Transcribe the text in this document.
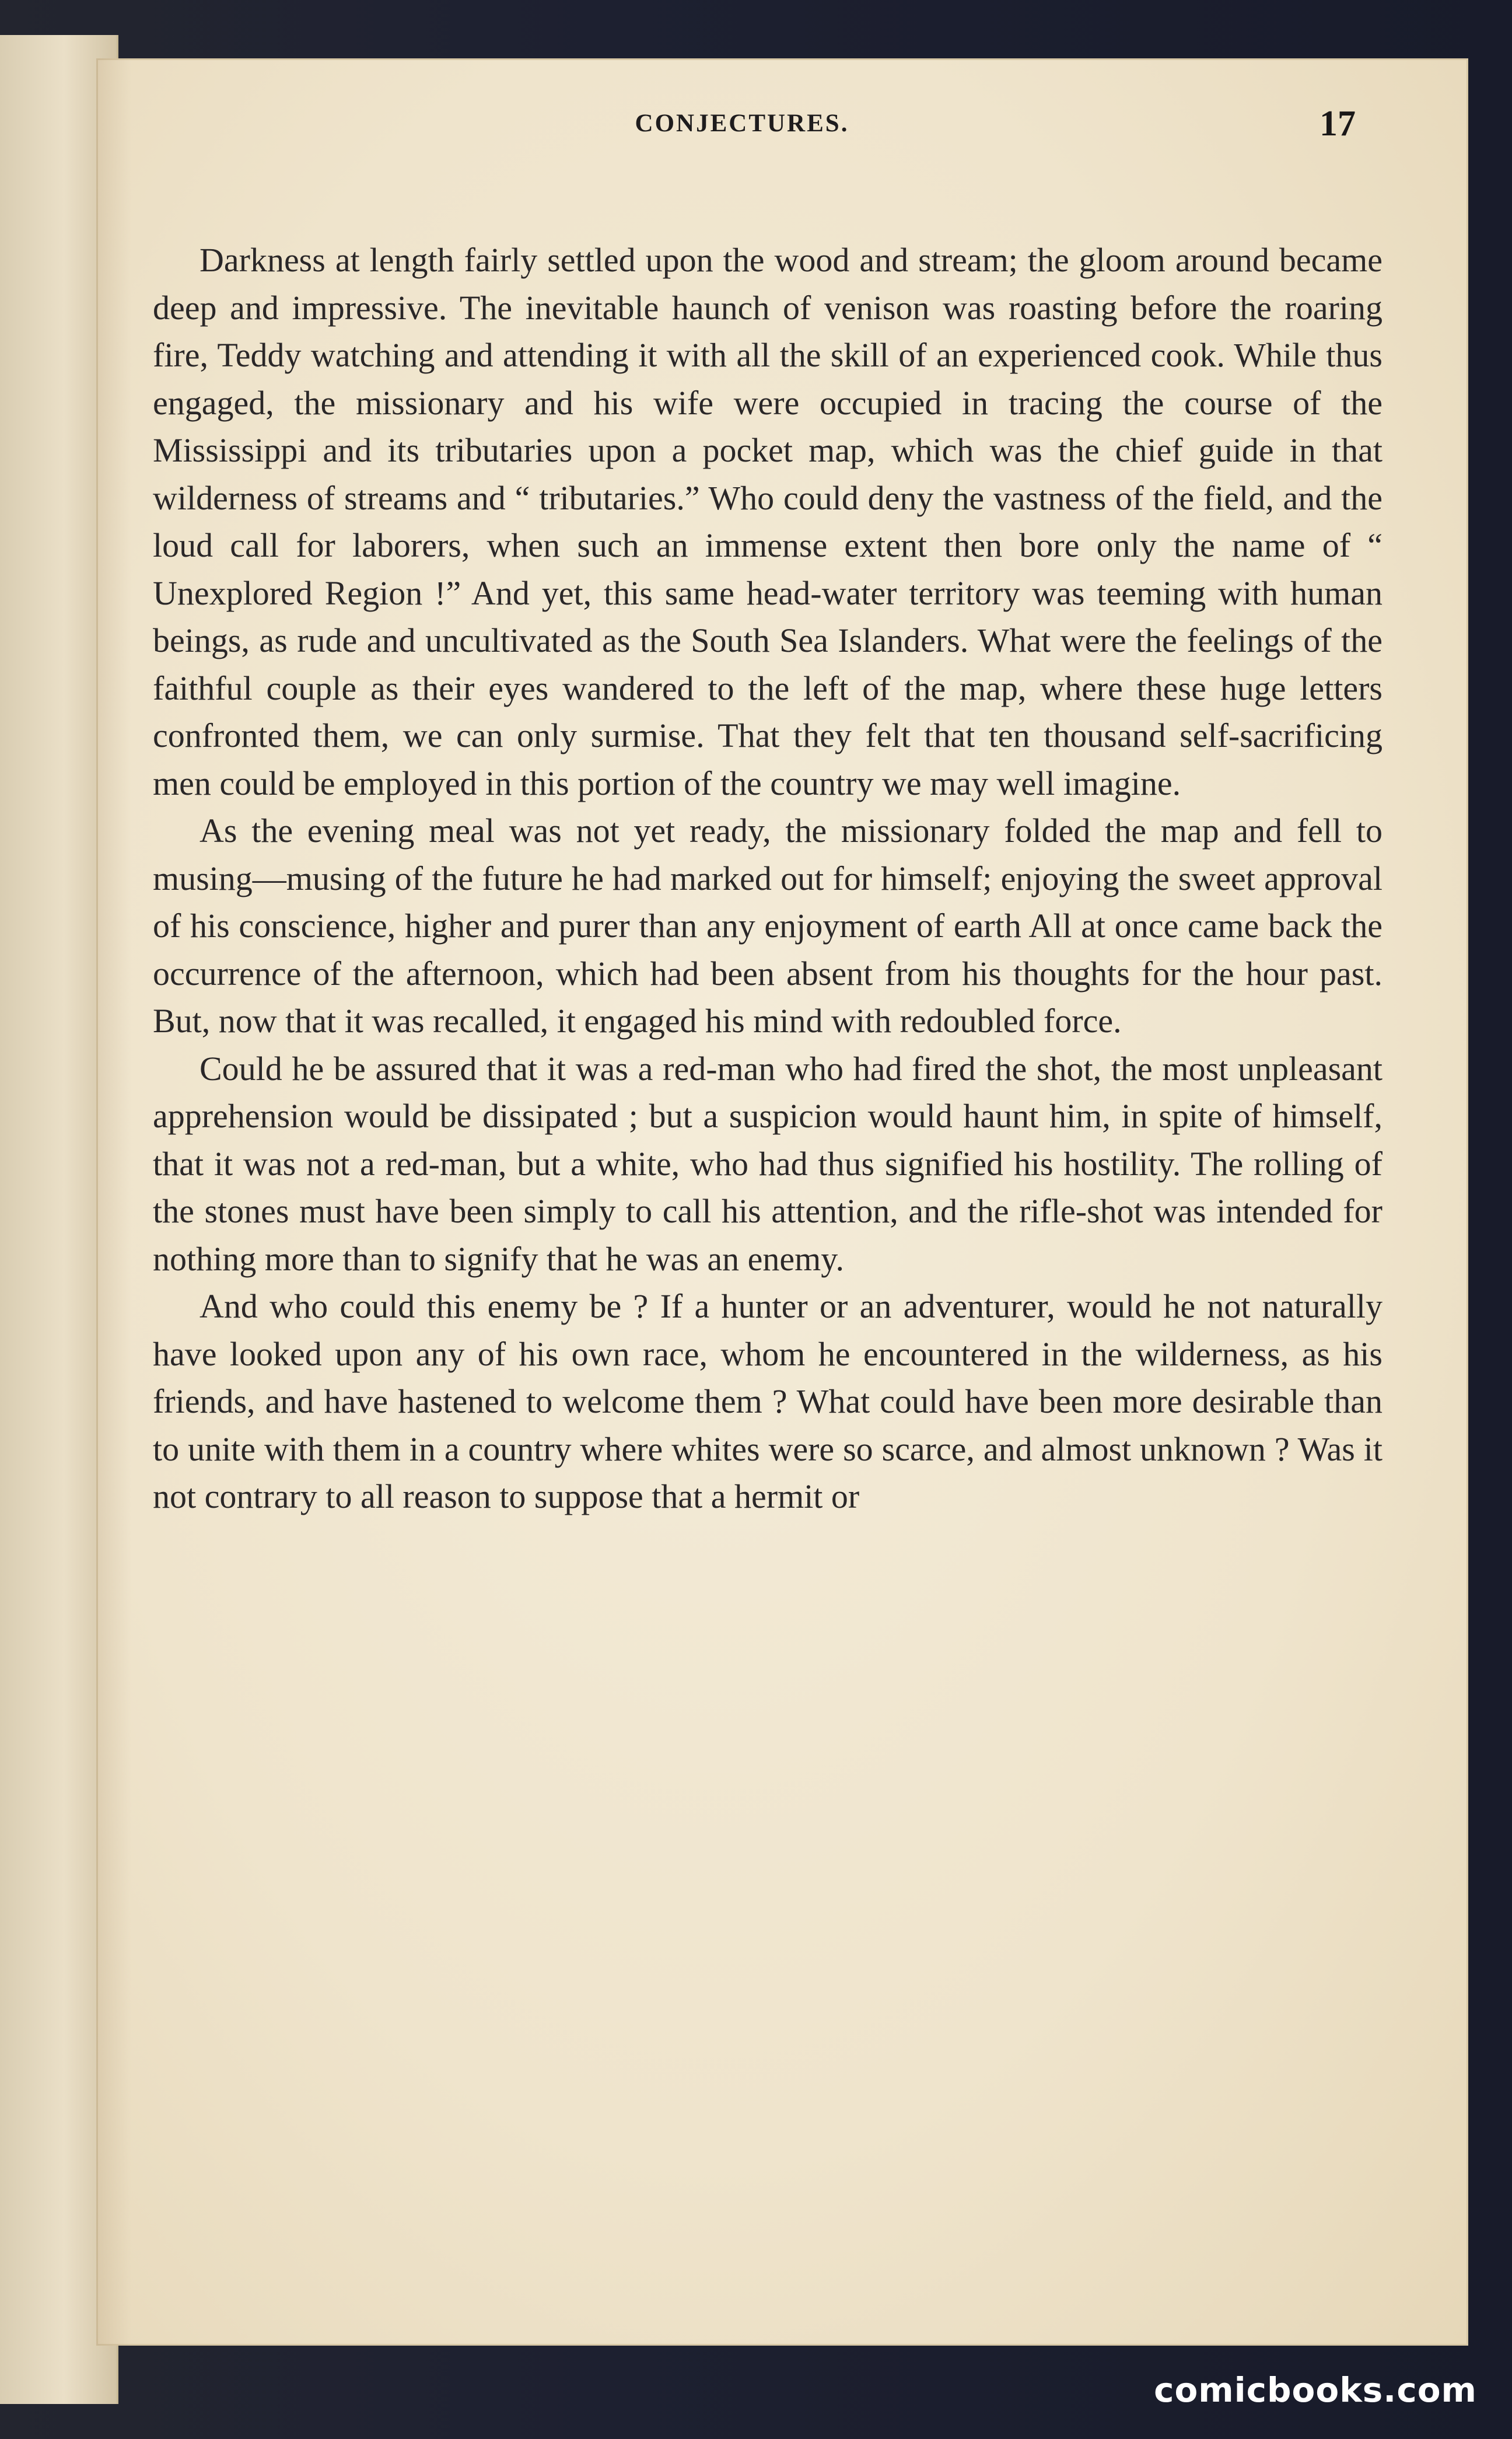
CONJECTURES.	17

Darkness at length fairly settled upon the wood and stream; the gloom around became deep and impressive. The inevitable haunch of venison was roasting before the roaring fire, Teddy watching and attending it with all the skill of an experienced cook. While thus engaged, the missionary and his wife were occupied in tracing the course of the Mississippi and its tributaries upon a pocket map, which was the chief guide in that wilderness of streams and “ tributaries.” Who could deny the vastness of the field, and the loud call for laborers, when such an immense extent then bore only the name of “ Unexplored Region !” And yet, this same head-water territory was teeming with human beings, as rude and uncultivated as the South Sea Islanders. What were the feelings of the faithful couple as their eyes wandered to the left of the map, where these huge letters confronted them, we can only surmise. That they felt that ten thousand self-sacrificing men could be employed in this portion of the country we may well imagine.

As the evening meal was not yet ready, the missionary folded the map and fell to musing—musing of the future he had marked out for himself; enjoying the sweet approval of his conscience, higher and purer than any enjoyment of earth All at once came back the occurrence of the afternoon, which had been absent from his thoughts for the hour past. But, now that it was recalled, it engaged his mind with redoubled force.

Could he be assured that it was a red-man who had fired the shot, the most unpleasant apprehension would be dissipated ; but a suspicion would haunt him, in spite of himself, that it was not a red-man, but a white, who had thus signified his hostility. The rolling of the stones must have been simply to call his attention, and the rifle-shot was intended for nothing more than to signify that he was an enemy.

And who could this enemy be ? If a hunter or an adventurer, would he not naturally have looked upon any of his own race, whom he encountered in the wilderness, as his friends, and have hastened to welcome them ? What could have been more desirable than to unite with them in a country where whites were so scarce, and almost unknown ? Was it not contrary to all reason to suppose that a hermit or

comicbooks.com
